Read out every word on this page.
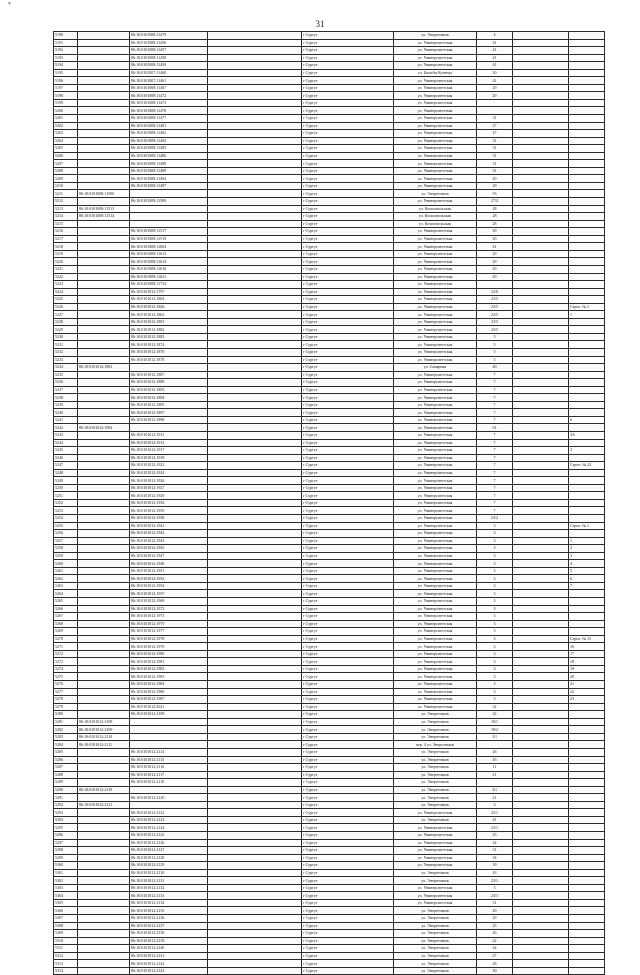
*
31
5190		86:10:0101008:11479		г Сургут	ул. Энергетиков	4		
5191		86:10:0101008:11456		г Сургут	ул. Университетская	41		
5192		86:10:0101008:11457		г Сургут	ул. Университетская	41		
5193		86:10:0101008:11458		г Сургут	ул. Университетская	41		
5194		86:10:0101008:11459		г Сургут	ул. Университетская	41		
5195		86:10:0101007:11460		г Сургут	ул. Билибы Кузнеца	30		
5196		86:10:0101007:11461		г Сургут	ул. Университетская	41		
5197		86:10:0101008:11467		г Сургут	ул. Университетская	29		
5198		86:10:0101008:11472		г Сургут	ул. Университетская	29		
5199		86:10:0101008:11473		г Сургут	ул. Университетская			
5200		86:10:0101008:11476		г Сургут	ул. Университетская			
5201		86:10:0101008:11477		г Сургут	ул. Университетская	31		
5202		86:10:0101008:11481		г Сургут	ул. Университетская	27		
5203		86:10:0101008:11482		г Сургут	ул. Университетская	27		
5204		86:10:0101008:11483		г Сургут	ул. Университетская	31		
5205		86:10:0101008:11485		г Сургут	ул. Университетская	31		
5206		86:10:0101008:11486		г Сургут	ул. Университетская	31		
5207		86:10:0101008:11488		г Сургут	ул. Университетская	31		
5208		86:10:0101008:11489		г Сургут	ул. Университетская	31		
5209		86:10:0101008:11494		г Сургут	ул. Университетская	29		
5210		86:10:0101008:11497		г Сургут	ул. Университетская	29		
5211	86:10:0101008:11500			г Сургут	ул. Энергетиков	53		
5212		86:10:0101008:11509		г Сургут	ул. Университетская	27/4		
5213	86:10:0101008:11513			г Сургут	ул. Комсомольская	28		
5214	86:10:0101008:11514			г Сургут	ул. Комсомольская	28		
5215				г Сургут	ул. Комсомольская	28		
5216		86:10:0101008:11517		г Сургут	ул. Университетская	29		
5217		86:10:0101008:11519		г Сургут	ул. Университетская	29		
5218		86:10:0101008:11604		г Сургут	ул. Университетская	41		
5219		86:10:0101008:11613		г Сургут	ул. Университетская	29		
5220		86:10:0101008:11614		г Сургут	ул. Университетская	29		
5221		86:10:0101008:11616		г Сургут	ул. Университетская	29		
5222		86:10:0101008:11621		г Сургут	ул. Университетская	29		
5223		86:10:0101008:11754		г Сургут	ул. Университетская			
5224		86:10:0101012:1797		г Сургут	ул. Университетская	23/6		
5225		86:10:0101012:1804		г Сургут	ул. Университетская	23/5		
5226		86:10:0101012:1846		г Сургут	ул. Университетская	23/5		Строе. № 1
5227		86:10:0101012:1863		г Сургут	ул. Университетская	23/5		1
5228		86:10:0101012:1881		г Сургут	ул. Университетская	23/5		
5229		86:10:0101012:1882		г Сургут	ул. Университетская	23/5		
5230		86:10:0101012:1883		г Сургут	ул. Университетская	5		
5231		86:10:0101012:1874		г Сургут	ул. Университетская	5		
5232		86:10:0101012:1876		г Сургут	ул. Университетская	5		
5233		86:10:0101012:1878		г Сургут	ул. Университетская	5		
5234	86:10:0101012:1881			г Сургут	ул. Самарная	40		
5235		86:10:0101012:1887		г Сургут	ул. Университетская	7		
5236		86:10:0101012:1888		г Сургут	ул. Университетская	7		
5237		86:10:0101012:1893		г Сургут	ул. Университетская	7		
5238		86:10:0101012:1894		г Сургут	ул. Университетская	7		
5239		86:10:0101012:1895		г Сургут	ул. Университетская	7		
5240		86:10:0101012:1897		г Сургут	ул. Университетская	7		
5241		86:10:0101012:1898		г Сургут	ул. Университетская	7		6
5242	86:10:0101012:1902			г Сургут	ул. Университетская	61		
5243		86:10:0101012:1911		г Сургут	ул. Университетская	7		3А
5244		86:10:0101012:1912		г Сургут	ул. Университетская	7		
5245		86:10:0101012:1917		г Сургут	ул. Университетская	7		3
5246		86:10:0101012:1918		г Сургут	ул. Университетская	7		
5247		86:10:0101012:1923		г Сургут	ул. Университетская	7		Строе. № 24
5248		86:10:0101012:1924		г Сургут	ул. Университетская	7		
5249		86:10:0101012:1926		г Сургут	ул. Университетская	7		
5250		86:10:0101012:1927		г Сургут	ул. Университетская	7		
5251		86:10:0101012:1929		г Сургут	ул. Университетская	7		
5252		86:10:0101012:1932		г Сургут	ул. Университетская	7		
5253		86:10:0101012:1935		г Сургут	ул. Университетская	7		
5254		86:10:0101012:1938		г Сургут	ул. Университетская	23/2		
5255		86:10:0101012:1941		г Сургут	ул. Университетская	3		Строе. № 1
5256		86:10:0101012:1942		г Сургут	ул. Университетская	3		
5257		86:10:0101012:1943		г Сургут	ул. Университетская	3		1
5258		86:10:0101012:1945		г Сургут	ул. Университетская	3		2
5259		86:10:0101012:1947		г Сургут	ул. Университетская	3		3
5260		86:10:0101012:1948		г Сургут	ул. Университетская	3		4
5261		86:10:0101012:1951		г Сургут	ул. Университетская	3		5
5262		86:10:0101012:1952		г Сургут	ул. Университетская	3		6
5263		86:10:0101012:1954		г Сургут	ул. Университетская	3		7
5264		86:10:0101012:1957		г Сургут	ул. Университетская	3		
5265		86:10:0101012:1968		г Сургут	ул. Университетская	3		
5266		86:10:0101012:1972		г Сургут	ул. Университетская	3		
5267		86:10:0101012:1973		г Сургут	ул. Университетская	3		
5268		86:10:0101012:1975		г Сургут	ул. Университетская	3		
5269		86:10:0101012:1977		г Сургут	ул. Университетская	3		
5270		86:10:0101012:1978		г Сургут	ул. Университетская	3		Строе. № 15
5271		86:10:0101012:1979		г Сургут	ул. Университетская	3		16
5272		86:10:0101012:1980		г Сургут	ул. Университетская	3		17
5273		86:10:0101012:1981		г Сургут	ул. Университетская	3		18
5274		86:10:0101012:1982		г Сургут	ул. Университетская	3		19
5275		86:10:0101012:1983		г Сургут	ул. Университетская	3		20
5276		86:10:0101012:1984		г Сургут	ул. Университетская	3		21
5277		86:10:0101012:1986		г Сургут	ул. Университетская	3		22
5278		86:10:0101012:1987		г Сургут	ул. Университетская	3		23
5279		86:10:0101012:2021		г Сургут	ул. Университетская	32		
5280		86:10:0101012:2109		г Сургут	ул. Энергетиков	22		
5281	86:10:0101012:2108			г Сургут	ул. Энергетиков	18/1		
5282	86:10:0101012:2109			г Сургут	ул. Энергетиков	18/2		
5283	86:10:0101012:2110			г Сургут	ул. Энергетиков	3/1		
5284	86:10:0101012:2111			г Сургут	пер. 4 ул. Энергетиков			
5285		86:10:0101012:2114		г Сургут	ул. Энергетиков	26		
5286		86:10:0101012:2115		г Сургут	ул. Энергетиков	43		
5287		86:10:0101012:2116		г Сургут	ул. Энергетиков	11		
5288		86:10:0101012:2117		г Сургут	ул. Энергетиков	21		
5289		86:10:0101012:2118		г Сургут	ул. Энергетиков			
5290	86:10:0101012:2119			г Сургут	ул. Энергетиков	3/1		
5291		86:10:0101012:2120		г Сургут	ул. Энергетиков	21		
5292	86:10:0101012:2121			г Сургут	ул. Энергетиков	3		
5293		86:10:0101012:2122		г Сургут	ул. Университетская	23/1		
5294		86:10:0101012:2123		г Сургут	ул. Энергетиков	41		
5295		86:10:0101012:2124		г Сургут	ул. Университетская	23/1		
5296		86:10:0101012:2125		г Сургут	ул. Университетская	25		
5297		86:10:0101012:2126		г Сургут	ул. Университетская	24		
5298		86:10:0101012:2127		г Сургут	ул. Университетская	31		
5299		86:10:0101012:2128		г Сургут	ул. Университетская	34		
5300		86:10:0101012:2129		г Сургут	ул. Университетская	39		
5301		86:10:0101012:2130		г Сургут	ул. Энергетиков	43		
5302		86:10:0101012:2131		г Сургут	ул. Энергетиков	23/1		
5303		86:10:0101012:2132		г Сургут	ул. Университетская	3		
5304		86:10:0101012:2133		г Сургут	ул. Университетская	23/1		
5305		86:10:0101012:2134		г Сургут	ул. Университетская	31		
5306		86:10:0101012:2135		г Сургут	ул. Энергетиков	29		
5307		86:10:0101012:2136		г Сургут	ул. Энергетиков	29		
5308		86:10:0101012:2137		г Сургут	ул. Энергетиков	25		
5309		86:10:0101012:2138		г Сургут	ул. Энергетиков	26		
5310		86:10:0101012:2139		г Сургут	ул. Энергетиков	22		
5311		86:10:0101012:2140		г Сургут	ул. Энергетиков	24		
5312		86:10:0101012:2141		г Сургут	ул. Энергетиков	27		
5313		86:10:0101012:2142		г Сургут	ул. Энергетиков	28		
5314		86:10:0101012:2143		г Сургут	ул. Энергетиков	30		
